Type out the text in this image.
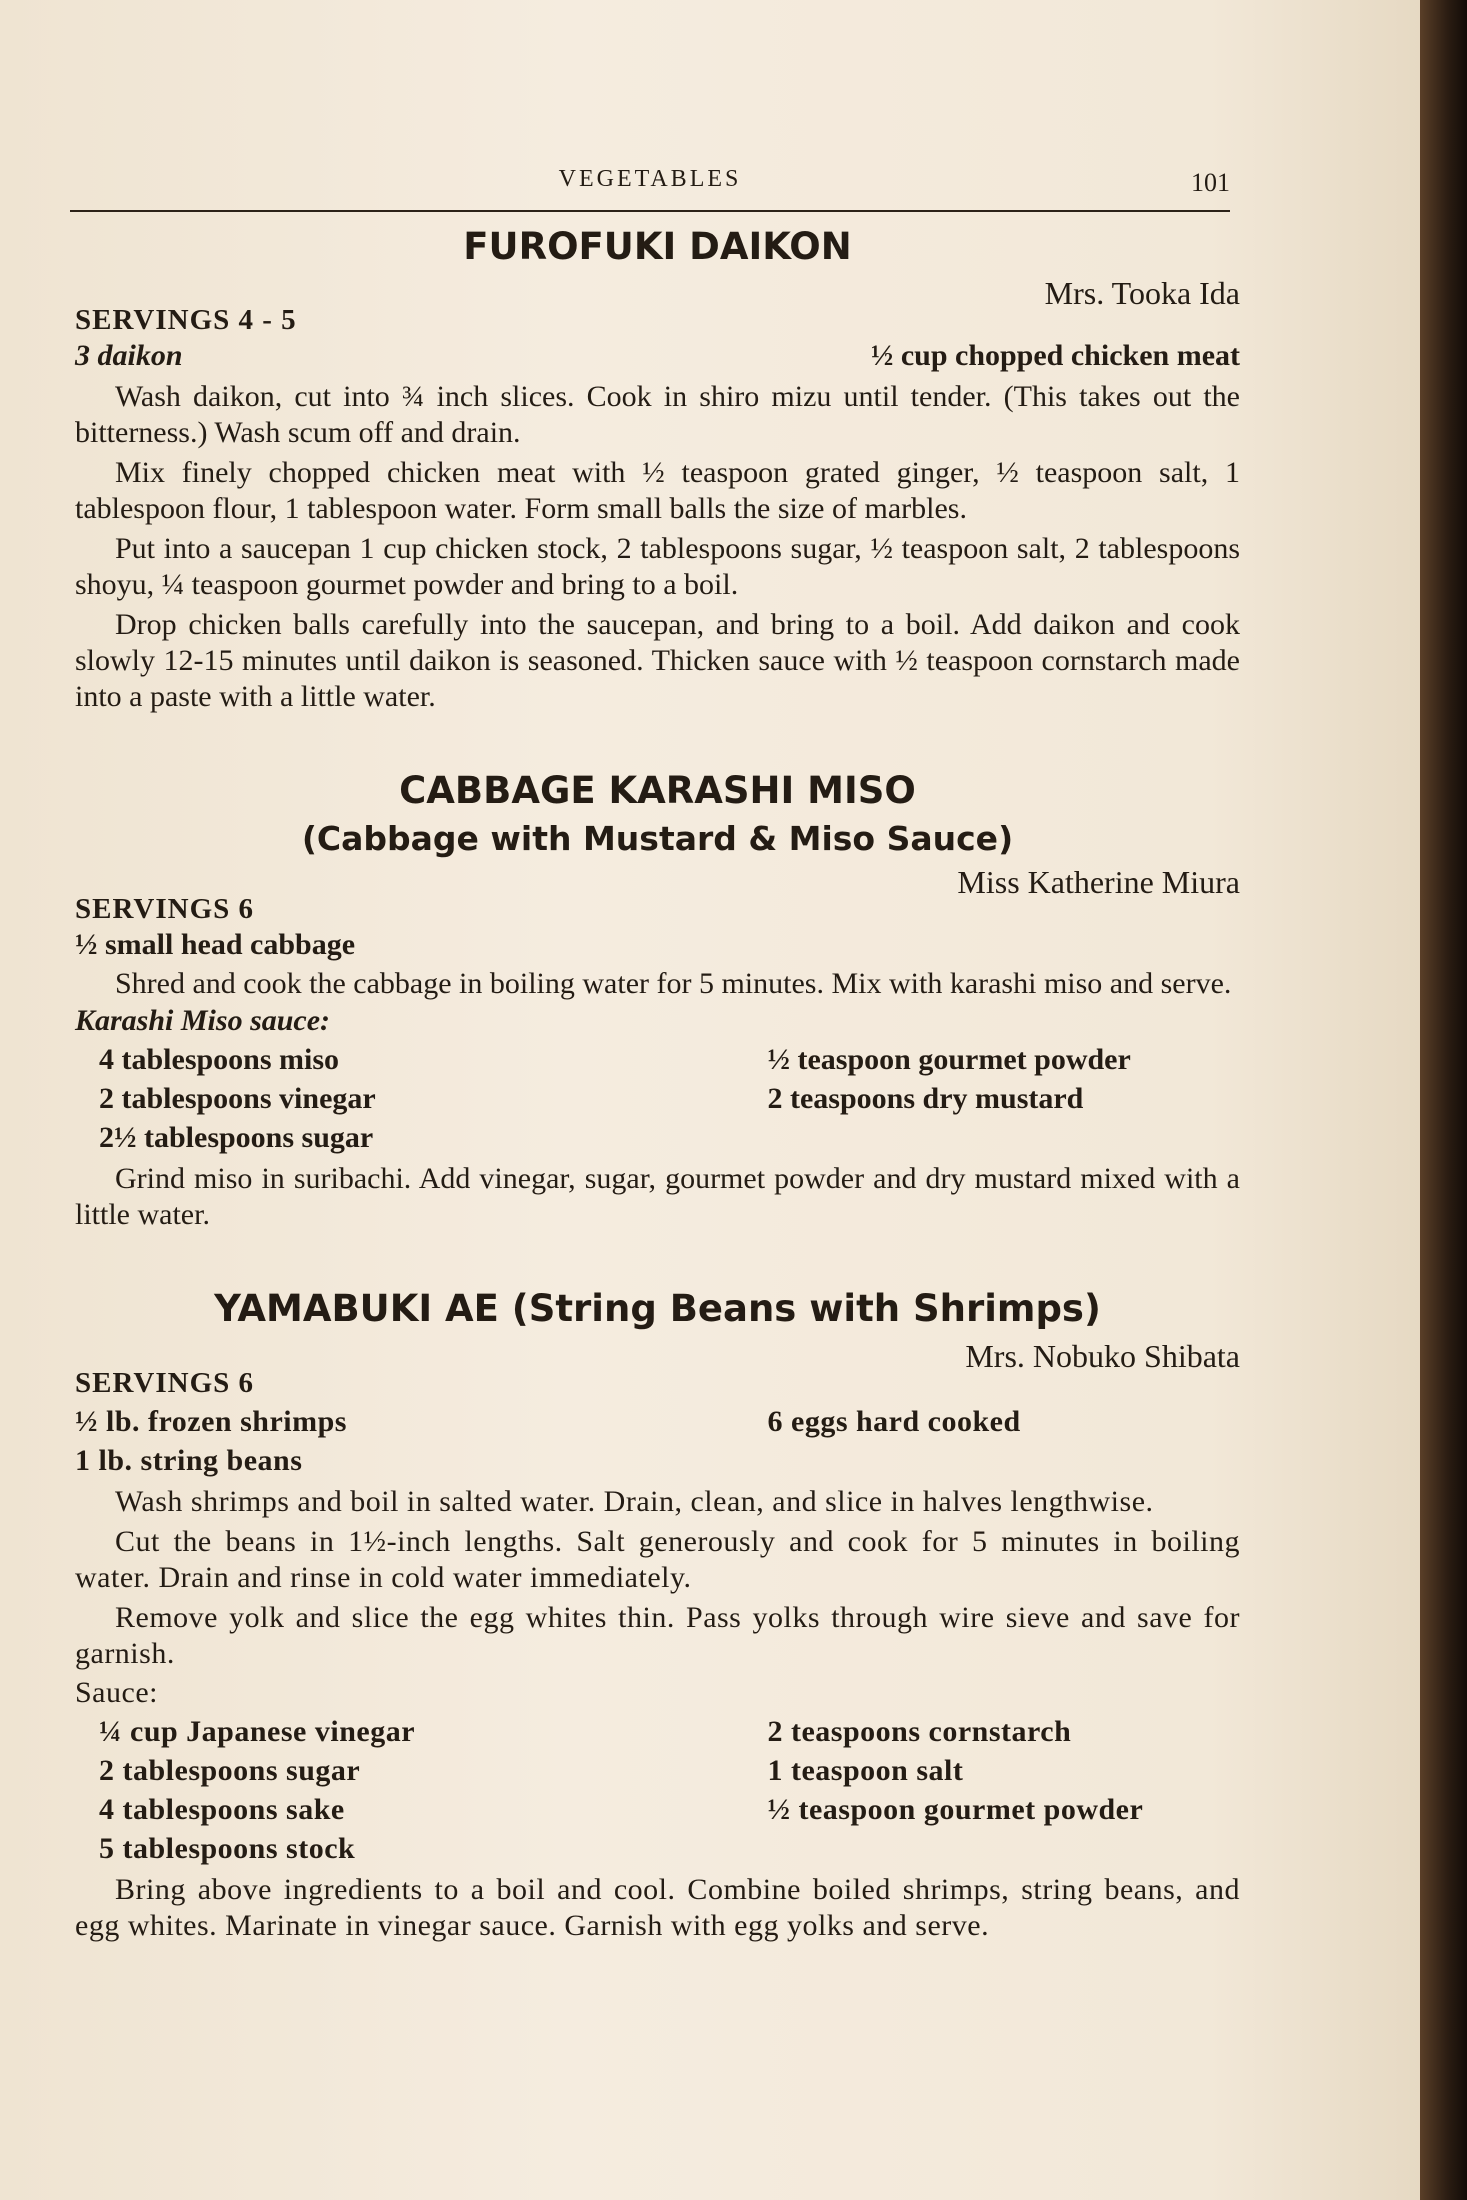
VEGETABLES	101
FUROFUKI DAIKON
Mrs. Tooka Ida
SERVINGS 4 - 5
3 daikon	½ cup chopped chicken meat

Wash daikon, cut into ¾ inch slices. Cook in shiro mizu until tender. (This takes out the bitterness.) Wash scum off and drain.

Mix finely chopped chicken meat with ½ teaspoon grated ginger, ½ teaspoon salt, 1 tablespoon flour, 1 tablespoon water. Form small balls the size of marbles.

Put into a saucepan 1 cup chicken stock, 2 tablespoons sugar, ½ teaspoon salt, 2 tablespoons shoyu, ¼ teaspoon gourmet powder and bring to a boil.

Drop chicken balls carefully into the saucepan, and bring to a boil. Add daikon and cook slowly 12-15 minutes until daikon is seasoned. Thicken sauce with ½ teaspoon cornstarch made into a paste with a little water.

CABBAGE KARASHI MISO
(Cabbage with Mustard & Miso Sauce)
Miss Katherine Miura
SERVINGS 6
½ small head cabbage

Shred and cook the cabbage in boiling water for 5 minutes. Mix with karashi miso and serve.

Karashi Miso sauce:
4 tablespoons miso
2 tablespoons vinegar
2½ tablespoons sugar
½ teaspoon gourmet powder
2 teaspoons dry mustard

Grind miso in suribachi. Add vinegar, sugar, gourmet powder and dry mustard mixed with a little water.

YAMABUKI AE (String Beans with Shrimps)
Mrs. Nobuko Shibata
SERVINGS 6
½ lb. frozen shrimps
1 lb. string beans
6 eggs hard cooked

Wash shrimps and boil in salted water. Drain, clean, and slice in halves lengthwise.

Cut the beans in 1½-inch lengths. Salt generously and cook for 5 minutes in boiling water. Drain and rinse in cold water immediately.

Remove yolk and slice the egg whites thin. Pass yolks through wire sieve and save for garnish.

Sauce:
¼ cup Japanese vinegar
2 tablespoons sugar
4 tablespoons sake
5 tablespoons stock
2 teaspoons cornstarch
1 teaspoon salt
½ teaspoon gourmet powder

Bring above ingredients to a boil and cool. Combine boiled shrimps, string beans, and egg whites. Marinate in vinegar sauce. Garnish with egg yolks and serve.
